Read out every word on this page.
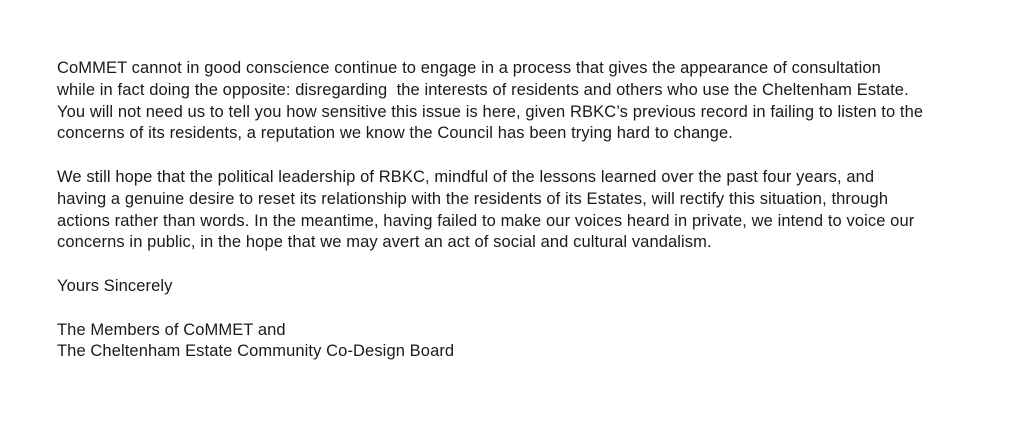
CoMMET cannot in good conscience continue to engage in a process that gives the appearance of consultation
while in fact doing the opposite: disregarding  the interests of residents and others who use the Cheltenham Estate.
You will not need us to tell you how sensitive this issue is here, given RBKC’s previous record in failing to listen to the
concerns of its residents, a reputation we know the Council has been trying hard to change.
We still hope that the political leadership of RBKC, mindful of the lessons learned over the past four years, and
having a genuine desire to reset its relationship with the residents of its Estates, will rectify this situation, through
actions rather than words. In the meantime, having failed to make our voices heard in private, we intend to voice our
concerns in public, in the hope that we may avert an act of social and cultural vandalism.
Yours Sincerely
The Members of CoMMET and
The Cheltenham Estate Community Co-Design Board
